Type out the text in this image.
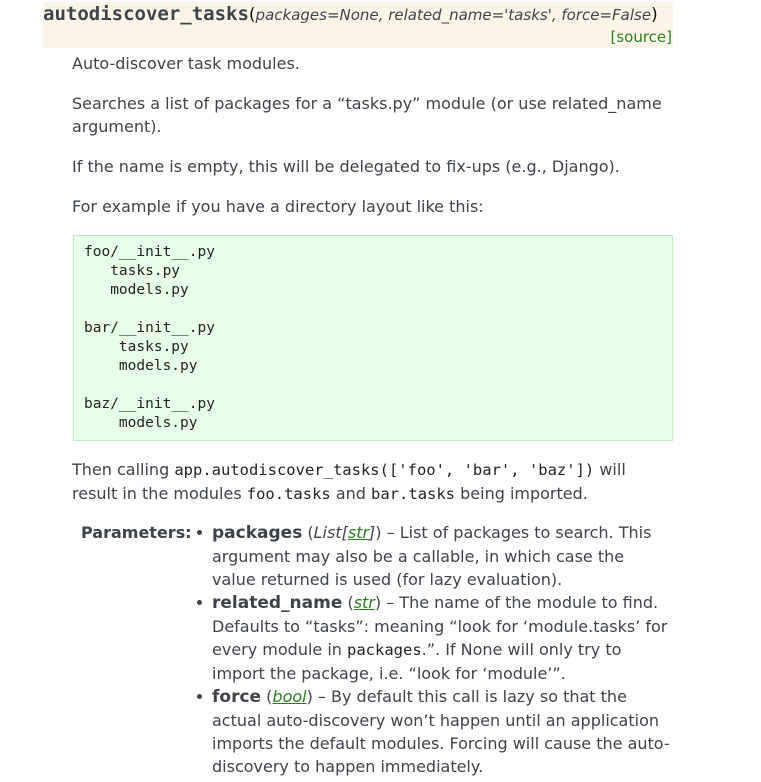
autodiscover_tasks(packages=None, related_name='tasks', force=False)
[source]
Auto-discover task modules.
Searches a list of packages for a “tasks.py” module (or use related_name argument).
If the name is empty, this will be delegated to fix-ups (e.g., Django).
For example if you have a directory layout like this:
foo/__init__.py
tasks.py
models.py

bar/__init__.py
tasks.py
models.py

baz/__init__.py
models.py
Then calling app.autodiscover_tasks(['foo', 'bar', 'baz']) will result in the modules foo.tasks and bar.tasks being imported.
Parameters: packages (List[str]) – List of packages to search. This argument may also be a callable, in which case the value returned is used (for lazy evaluation).
related_name (str) – The name of the module to find. Defaults to “tasks”: meaning “look for ‘module.tasks’ for every module in packages.”. If None will only try to import the package, i.e. “look for ‘module’”.
force (bool) – By default this call is lazy so that the actual auto-discovery won’t happen until an application imports the default modules. Forcing will cause the auto-discovery to happen immediately.
